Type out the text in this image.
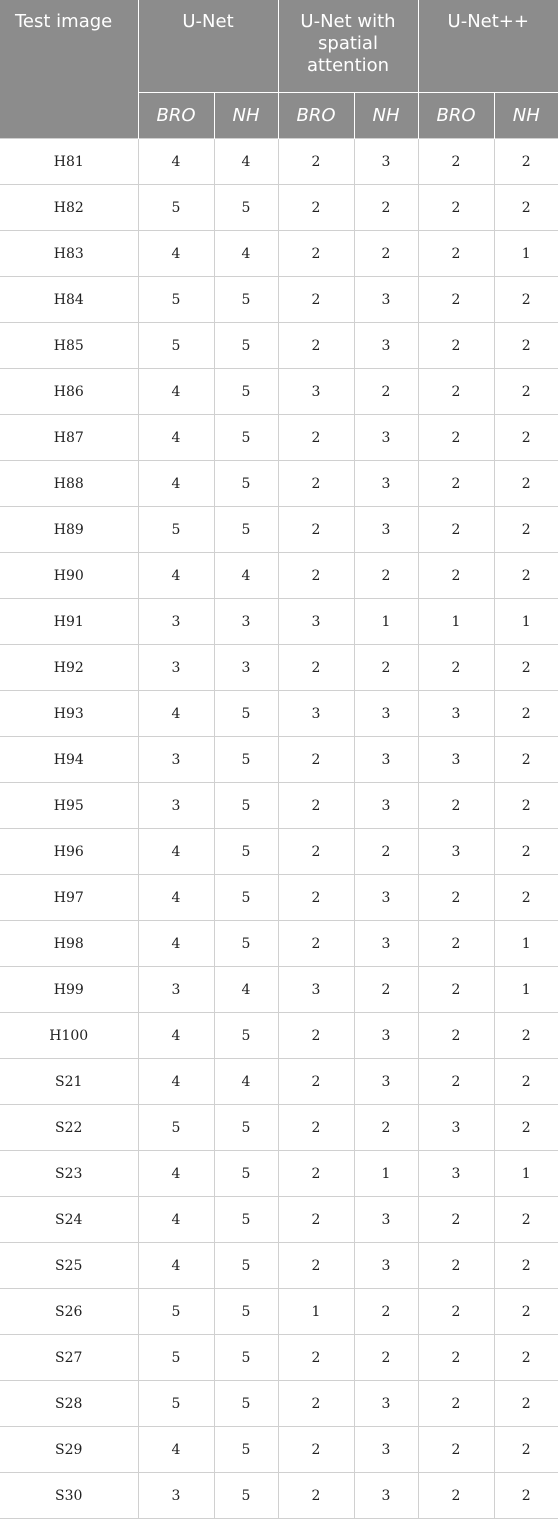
Test image	U-Net		U-Net with spatial attention		U-Net++	

	BRO	NH	BRO	NH	BRO	NH
H81	4	4	2	3	2	2
H82	5	5	2	2	2	2
H83	4	4	2	2	2	1
H84	5	5	2	3	2	2
H85	5	5	2	3	2	2
H86	4	5	3	2	2	2
H87	4	5	2	3	2	2
H88	4	5	2	3	2	2
H89	5	5	2	3	2	2
H90	4	4	2	2	2	2
H91	3	3	3	1	1	1
H92	3	3	2	2	2	2
H93	4	5	3	3	3	2
H94	3	5	2	3	3	2
H95	3	5	2	3	2	2
H96	4	5	2	2	3	2
H97	4	5	2	3	2	2
H98	4	5	2	3	2	1
H99	3	4	3	2	2	1
H100	4	5	2	3	2	2
S21	4	4	2	3	2	2
S22	5	5	2	2	3	2
S23	4	5	2	1	3	1
S24	4	5	2	3	2	2
S25	4	5	2	3	2	2
S26	5	5	1	2	2	2
S27	5	5	2	2	2	2
S28	5	5	2	3	2	2
S29	4	5	2	3	2	2
S30	3	5	2	3	2	2
